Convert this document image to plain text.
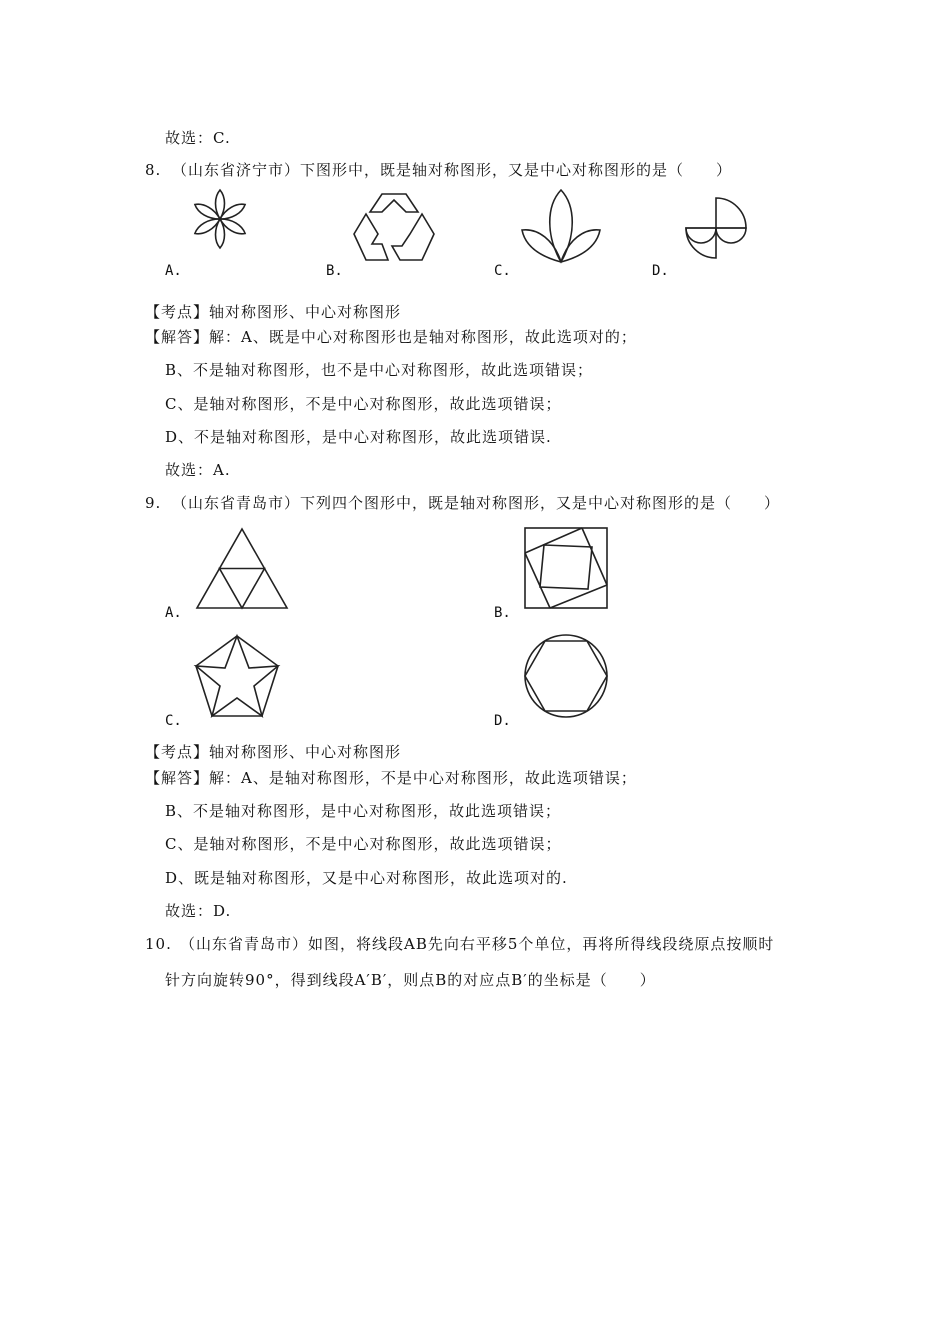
故选：C.
8. （山东省济宁市）下图形中，既是轴对称图形，又是中心对称图形的是（　　）
A.	B.	C.	D.
【考点】轴对称图形、中心对称图形
【解答】解：A、既是中心对称图形也是轴对称图形，故此选项对的；
B、不是轴对称图形，也不是中心对称图形，故此选项错误；
C、是轴对称图形，不是中心对称图形，故此选项错误；
D、不是轴对称图形，是中心对称图形，故此选项错误.
故选：A.
9. （山东省青岛市）下列四个图形中，既是轴对称图形，又是中心对称图形的是（　　）
A.	B.
C.	D.
【考点】轴对称图形、中心对称图形
【解答】解：A、是轴对称图形，不是中心对称图形，故此选项错误；
B、不是轴对称图形，是中心对称图形，故此选项错误；
C、是轴对称图形，不是中心对称图形，故此选项错误；
D、既是轴对称图形，又是中心对称图形，故此选项对的.
故选：D.
10. （山东省青岛市）如图，将线段AB先向右平移5个单位，再将所得线段绕原点按顺时
针方向旋转90°，得到线段A′B′，则点B的对应点B′的坐标是（　　）
